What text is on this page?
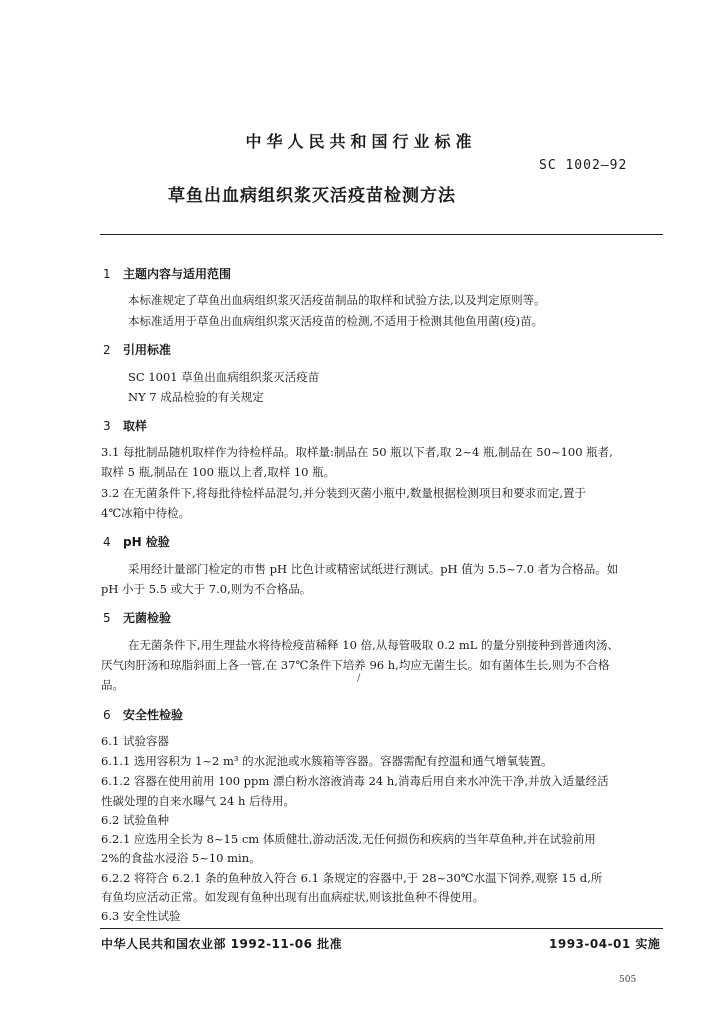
中华人民共和国行业标准
SC 1002—92
草鱼出血病组织浆灭活疫苗检测方法
1 主题内容与适用范围
本标准规定了草鱼出血病组织浆灭活疫苗制品的取样和试验方法,以及判定原则等。
本标准适用于草鱼出血病组织浆灭活疫苗的检测,不适用于检测其他鱼用菌(疫)苗。
2 引用标准
SC 1001 草鱼出血病组织浆灭活疫苗
NY 7 成品检验的有关规定
3 取样
3.1 每批制品随机取样作为待检样品。取样量:制品在 50 瓶以下者,取 2~4 瓶,制品在 50~100 瓶者,
取样 5 瓶,制品在 100 瓶以上者,取样 10 瓶。
3.2 在无菌条件下,将每批待检样品混匀,并分装到灭菌小瓶中,数量根据检测项目和要求而定,置于
4℃冰箱中待检。
4 pH 检验
采用经计量部门检定的市售 pH 比色计或精密试纸进行测试。pH 值为 5.5~7.0 者为合格品。如
pH 小于 5.5 或大于 7.0,则为不合格品。
5 无菌检验
在无菌条件下,用生理盐水将待检疫苗稀释 10 倍,从每管吸取 0.2 mL 的量分别接种到普通肉汤、
厌气肉肝汤和琼脂斜面上各一管,在 37℃条件下培养 96 h,均应无菌生长。如有菌体生长,则为不合格
品。	/
6 安全性检验
6.1 试验容器
6.1.1 选用容积为 1~2 m³ 的水泥池或水簇箱等容器。容器需配有控温和通气增氧装置。
6.1.2 容器在使用前用 100 ppm 漂白粉水溶液消毒 24 h,消毒后用自来水冲洗干净,并放入适量经活
性碳处理的自来水曝气 24 h 后待用。
6.2 试验鱼种
6.2.1 应选用全长为 8~15 cm 体质健壮,游动活泼,无任何损伤和疾病的当年草鱼种,并在试验前用
2%的食盐水浸浴 5~10 min。
6.2.2 将符合 6.2.1 条的鱼种放入符合 6.1 条规定的容器中,于 28~30℃水温下饲养,观察 15 d,所
有鱼均应活动正常。如发现有鱼种出现有出血病症状,则该批鱼种不得使用。
6.3 安全性试验
中华人民共和国农业部 1992-11-06 批准	1993-04-01 实施
505
